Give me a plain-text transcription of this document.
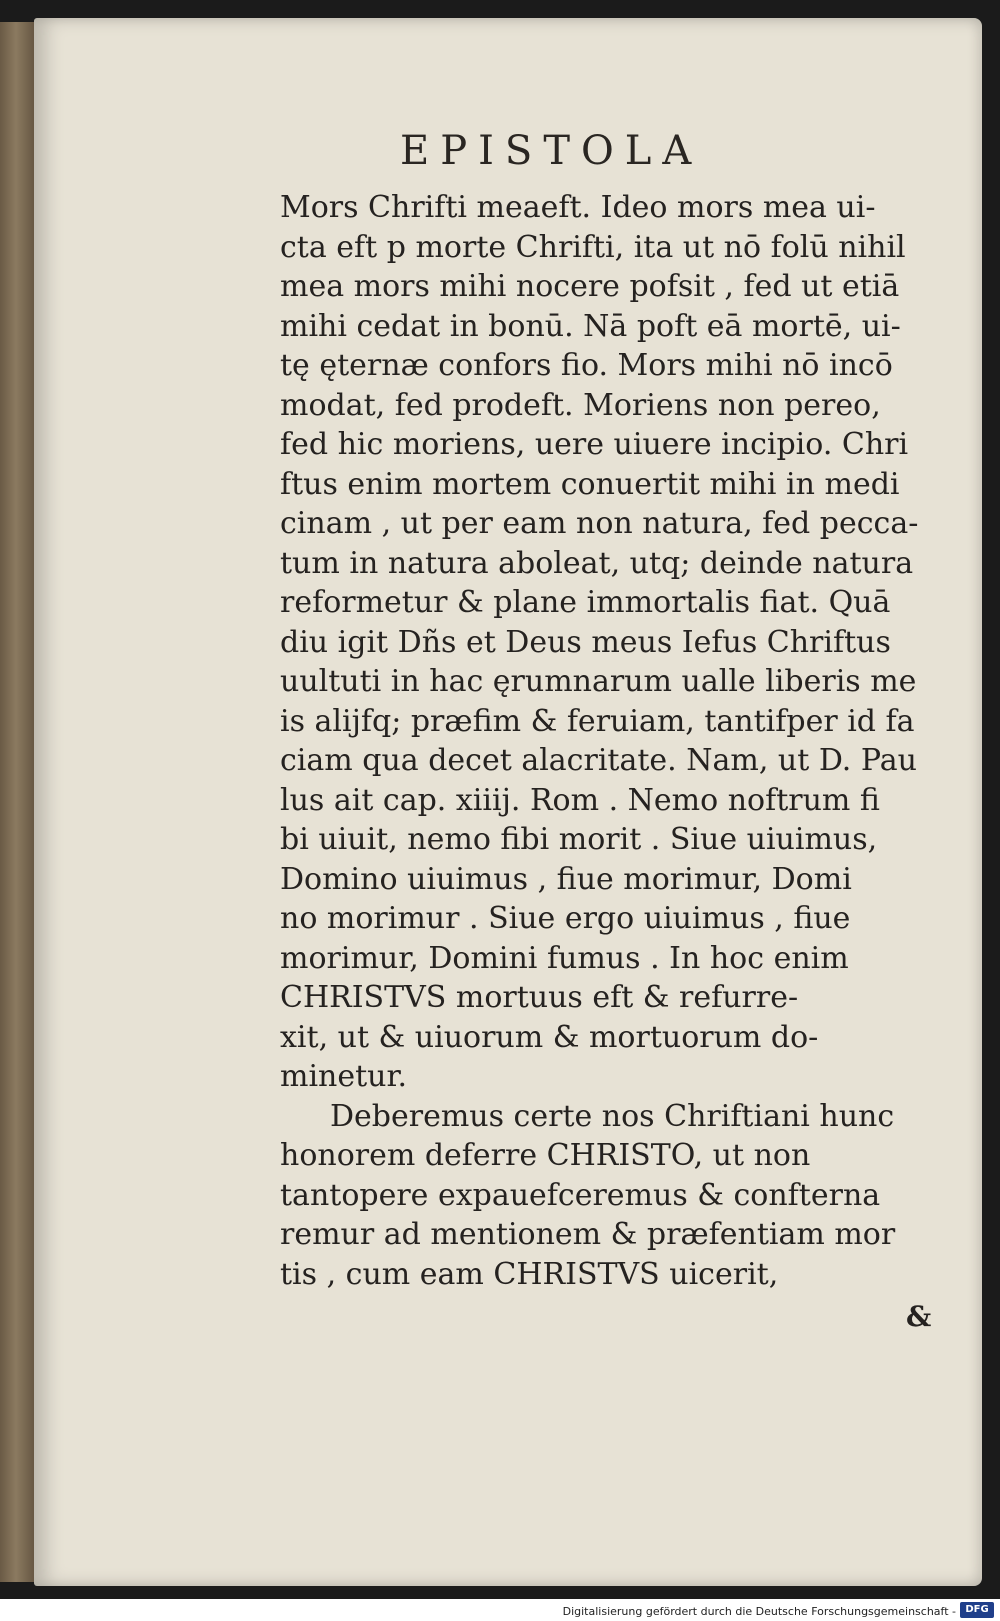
EPISTOLA
Mors Chrifti meaeft. Ideo mors mea ui-
cta eft p morte Chrifti, ita ut nō folū nihil
mea mors mihi nocere pofsit , fed ut etiā
mihi cedat in bonū. Nā poft eā mortē, ui-
tę ęternæ confors fio. Mors mihi nō incō
modat, fed prodeft. Moriens non pereo,
fed hic moriens, uere uiuere incipio. Chri
ftus enim mortem conuertit mihi in medi
cinam , ut per eam non natura, fed pecca-
tum in natura aboleat, utq; deinde natura
reformetur & plane immortalis fiat. Quā
diu igit Dñs et Deus meus Iefus Chriftus
uultuti in hac ęrumnarum ualle liberis me
is alijfq; præfim & feruiam, tantifper id fa
ciam qua decet alacritate. Nam, ut D. Pau
lus ait cap. xiiij. Rom . Nemo noftrum fi
bi uiuit, nemo fibi morit . Siue uiuimus,
Domino uiuimus , fiue morimur, Domi
no morimur . Siue ergo uiuimus , fiue
morimur, Domini fumus . In hoc enim
CHRISTVS mortuus eft & refurre-
xit, ut & uiuorum & mortuorum do-
minetur.
Deberemus certe nos Chriftiani hunc
honorem deferre CHRISTO, ut non
tantopere expauefceremus & confterna
remur ad mentionem & præfentiam mor
tis , cum eam CHRISTVS uicerit,
&
Digitalisierung gefördert durch die Deutsche Forschungsgemeinschaft - DFG
